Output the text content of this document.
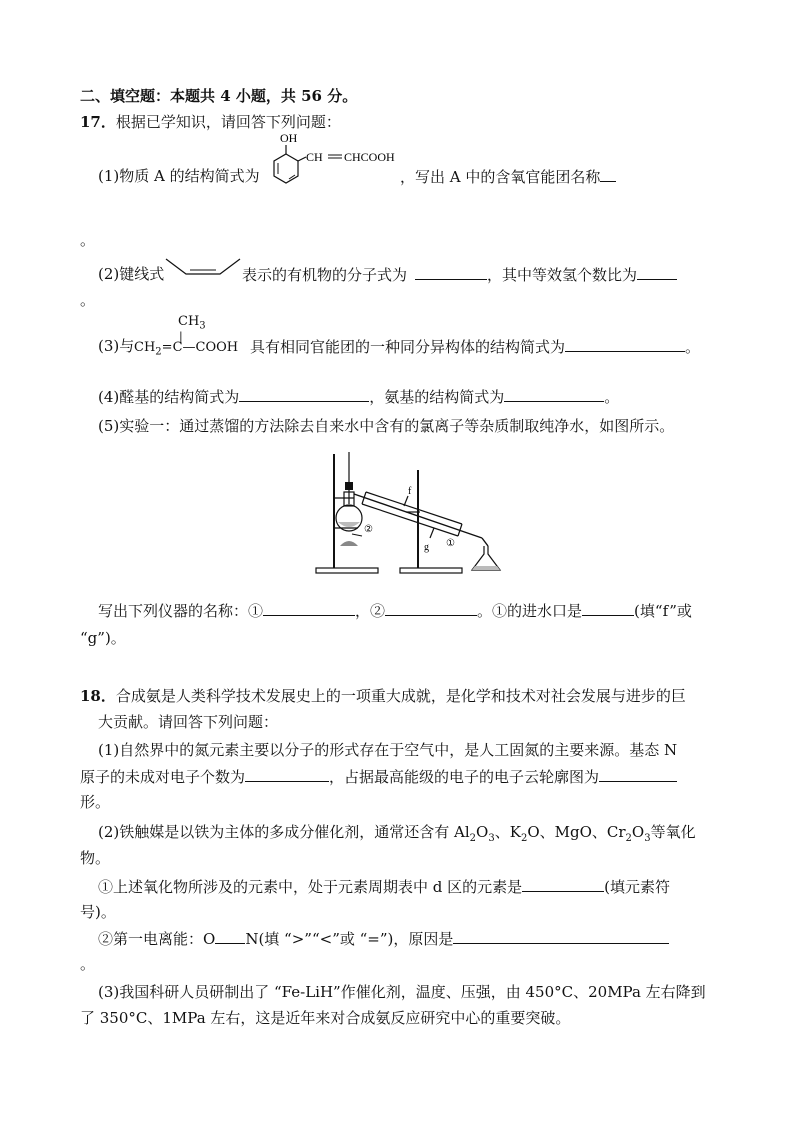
二、填空题：本题共 4 小题，共 56 分。
17．根据已学知识，请回答下列问题：
(1)物质 A 的结构简式为
OH
CH CHCOOH
，写出 A 中的含氧官能团名称
。
(2)键线式	表示的有机物的分子式为	，其中等效氢个数比为
。
(3)与
$CH_3$
|
$CH_2=C—COOH$ 具有相同官能团的一种同分异构体的结构简式为	。
(4)醛基的结构简式为	，氨基的结构简式为	。
(5)实验一：通过蒸馏的方法除去自来水中含有的氯离子等杂质制取纯净水，如图所示。
②
f
g ①
写出下列仪器的名称：①	，②	。①的进水口是	(填“f”或
“g”)。
18．合成氨是人类科学技术发展史上的一项重大成就，是化学和技术对社会发展与进步的巨
大贡献。请回答下列问题：
(1)自然界中的氮元素主要以分子的形式存在于空气中，是人工固氮的主要来源。基态 N
原子的未成对电子个数为	，占据最高能级的电子的电子云轮廓图为
形。
(2)铁触媒是以铁为主体的多成分催化剂，通常还含有 $Al_2O_3$、$K_2O$、MgO、$Cr_2O_3$等氧化
物。
①上述氧化物所涉及的元素中，处于元素周期表中 d 区的元素是	(填元素符
号)。
②第一电离能：O N(填 “>”“<”或 “=”)，原因是
。
(3)我国科研人员研制出了 “Fe-LiH”作催化剂，温度、压强，由 450°C、20MPa 左右降到
了 350°C、1MPa 左右，这是近年来对合成氨反应研究中心的重要突破。
